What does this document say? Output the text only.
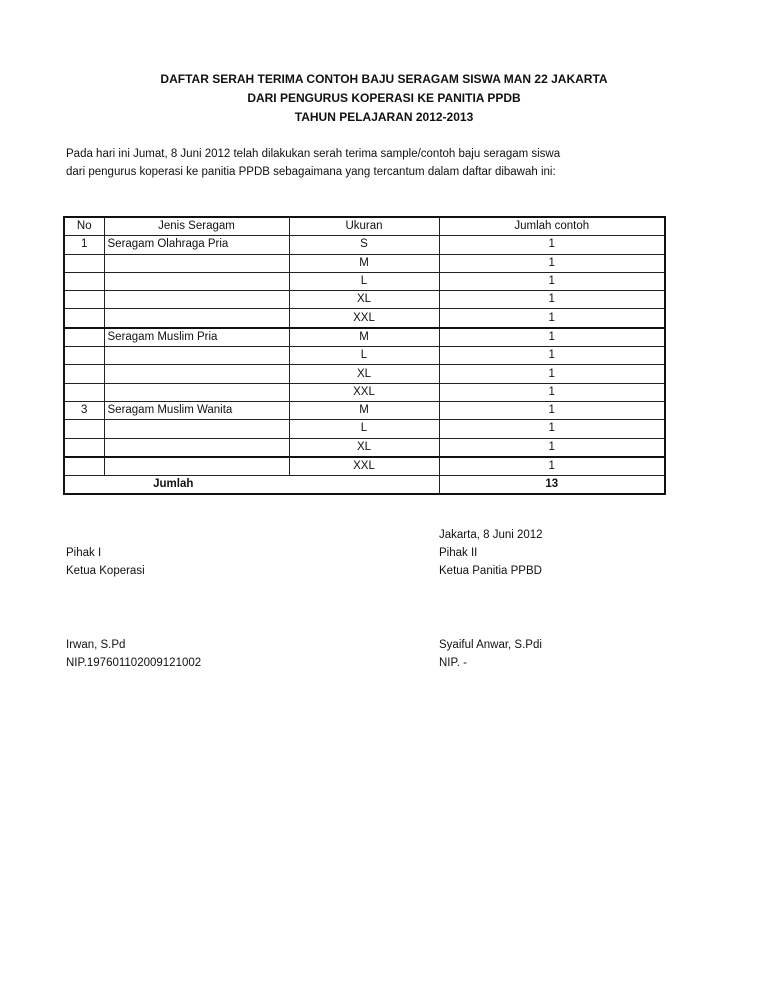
DAFTAR SERAH TERIMA CONTOH BAJU SERAGAM SISWA MAN 22 JAKARTA
DARI PENGURUS KOPERASI KE PANITIA PPDB
TAHUN PELAJARAN 2012-2013
Pada hari ini Jumat, 8 Juni 2012 telah dilakukan serah terima sample/contoh baju seragam siswa
dari pengurus koperasi ke panitia PPDB sebagaimana yang tercantum dalam daftar dibawah ini:
No	Jenis Seragam	Ukuran	Jumlah contoh
1	Seragam Olahraga Pria	S	1
		M	1
		L	1
		XL	1
		XXL	1
	Seragam Muslim Pria	M	1
		L	1
		XL	1
		XXL	1
3	Seragam Muslim Wanita	M	1
		L	1
		XL	1
		XXL	1
Jumlah			13
Pihak I
Ketua Koperasi
Irwan, S.Pd
NIP.197601102009121002
Jakarta, 8 Juni 2012
Pihak II
Ketua Panitia PPBD
Syaiful Anwar, S.Pdi
NIP. -
